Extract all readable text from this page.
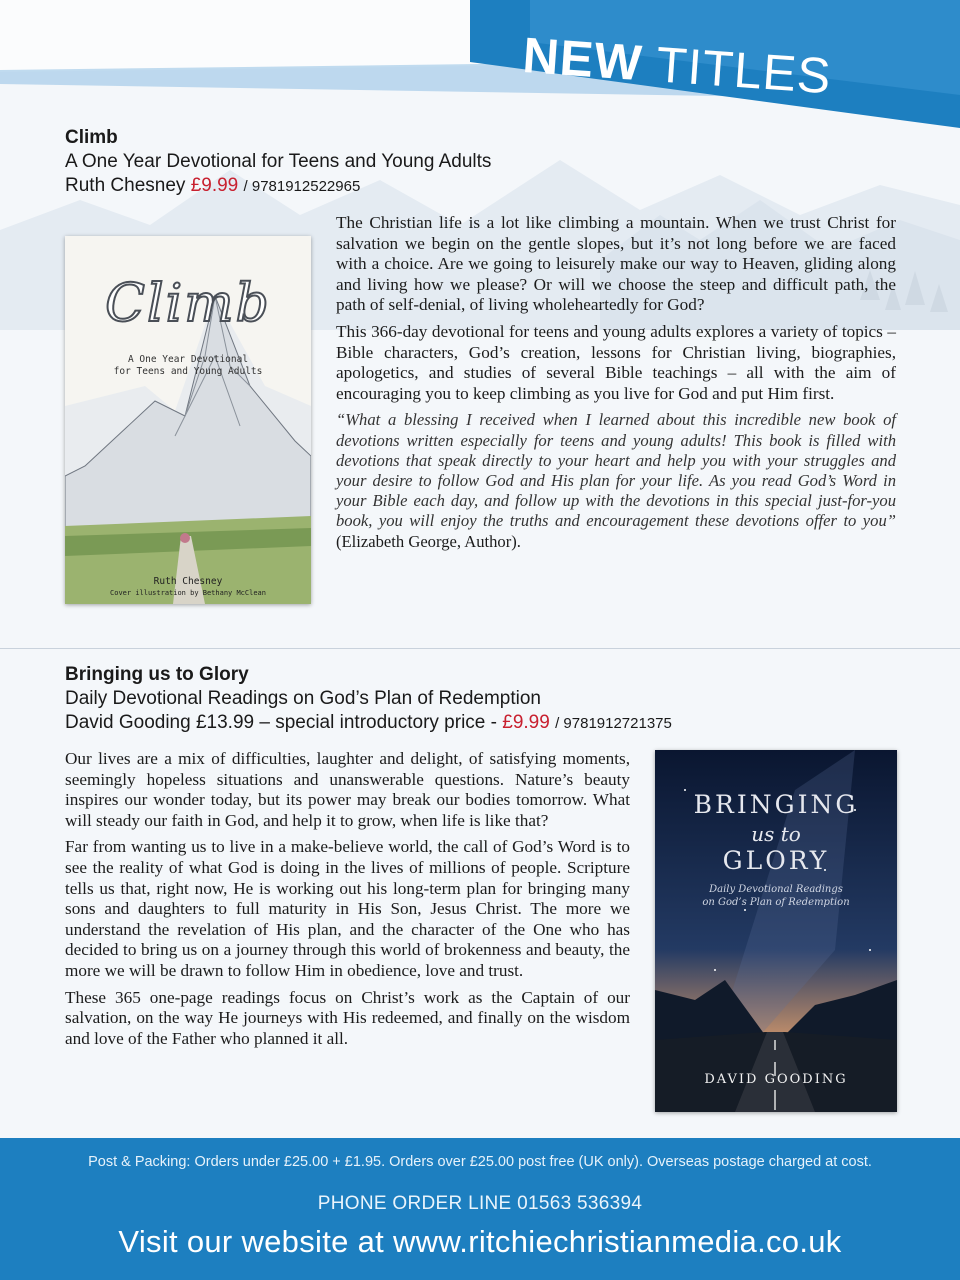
NEW TITLES
Climb
A One Year Devotional for Teens and Young Adults
Ruth Chesney £9.99 / 9781912522965
Climb
A One Year Devotional
for Teens and Young Adults
Ruth Chesney
Cover illustration by Bethany McClean

The Christian life is a lot like climbing a mountain. When we trust Christ for salvation we begin on the gentle slopes, but it’s not long before we are faced with a choice. Are we going to leisurely make our way to Heaven, gliding along and living how we please? Or will we choose the steep and difficult path, the path of self-denial, of living wholeheartedly for God?

This 366-day devotional for teens and young adults explores a variety of topics – Bible characters, God’s creation, lessons for Christian living, biographies, apologetics, and studies of several Bible teachings – all with the aim of encouraging you to keep climbing as you live for God and put Him first.

“What a blessing I received when I learned about this incredible new book of devotions written especially for teens and young adults! This book is filled with devotions that speak directly to your heart and help you with your struggles and your desire to follow God and His plan for your life. As you read God’s Word in your Bible each day, and follow up with the devotions in this special just-for-you book, you will enjoy the truths and encouragement these devotions offer to you” (Elizabeth George, Author).

Bringing us to Glory
Daily Devotional Readings on God’s Plan of Redemption
David Gooding £13.99 – special introductory price - £9.99 / 9781912721375

Our lives are a mix of difficulties, laughter and delight, of satisfying moments, seemingly hopeless situations and unanswerable questions. Nature’s beauty inspires our wonder today, but its power may break our bodies tomorrow. What will steady our faith in God, and help it to grow, when life is like that?

Far from wanting us to live in a make-believe world, the call of God’s Word is to see the reality of what God is doing in the lives of millions of people. Scripture tells us that, right now, He is working out his long-term plan for bringing many sons and daughters to full maturity in His Son, Jesus Christ. The more we understand the revelation of His plan, and the character of the One who has decided to bring us on a journey through this world of brokenness and beauty, the more we will be drawn to follow Him in obedience, love and trust.

These 365 one-page readings focus on Christ’s work as the Captain of our salvation, on the way He journeys with His redeemed, and finally on the wisdom and love of the Father who planned it all.

BRINGING
us to
GLORY
Daily Devotional Readings
on God’s Plan of Redemption
DAVID GOODING
Post & Packing: Orders under £25.00 + £1.95. Orders over £25.00 post free (UK only). Overseas postage charged at cost.
PHONE ORDER LINE 01563 536394
Visit our website at www.ritchiechristianmedia.co.uk
